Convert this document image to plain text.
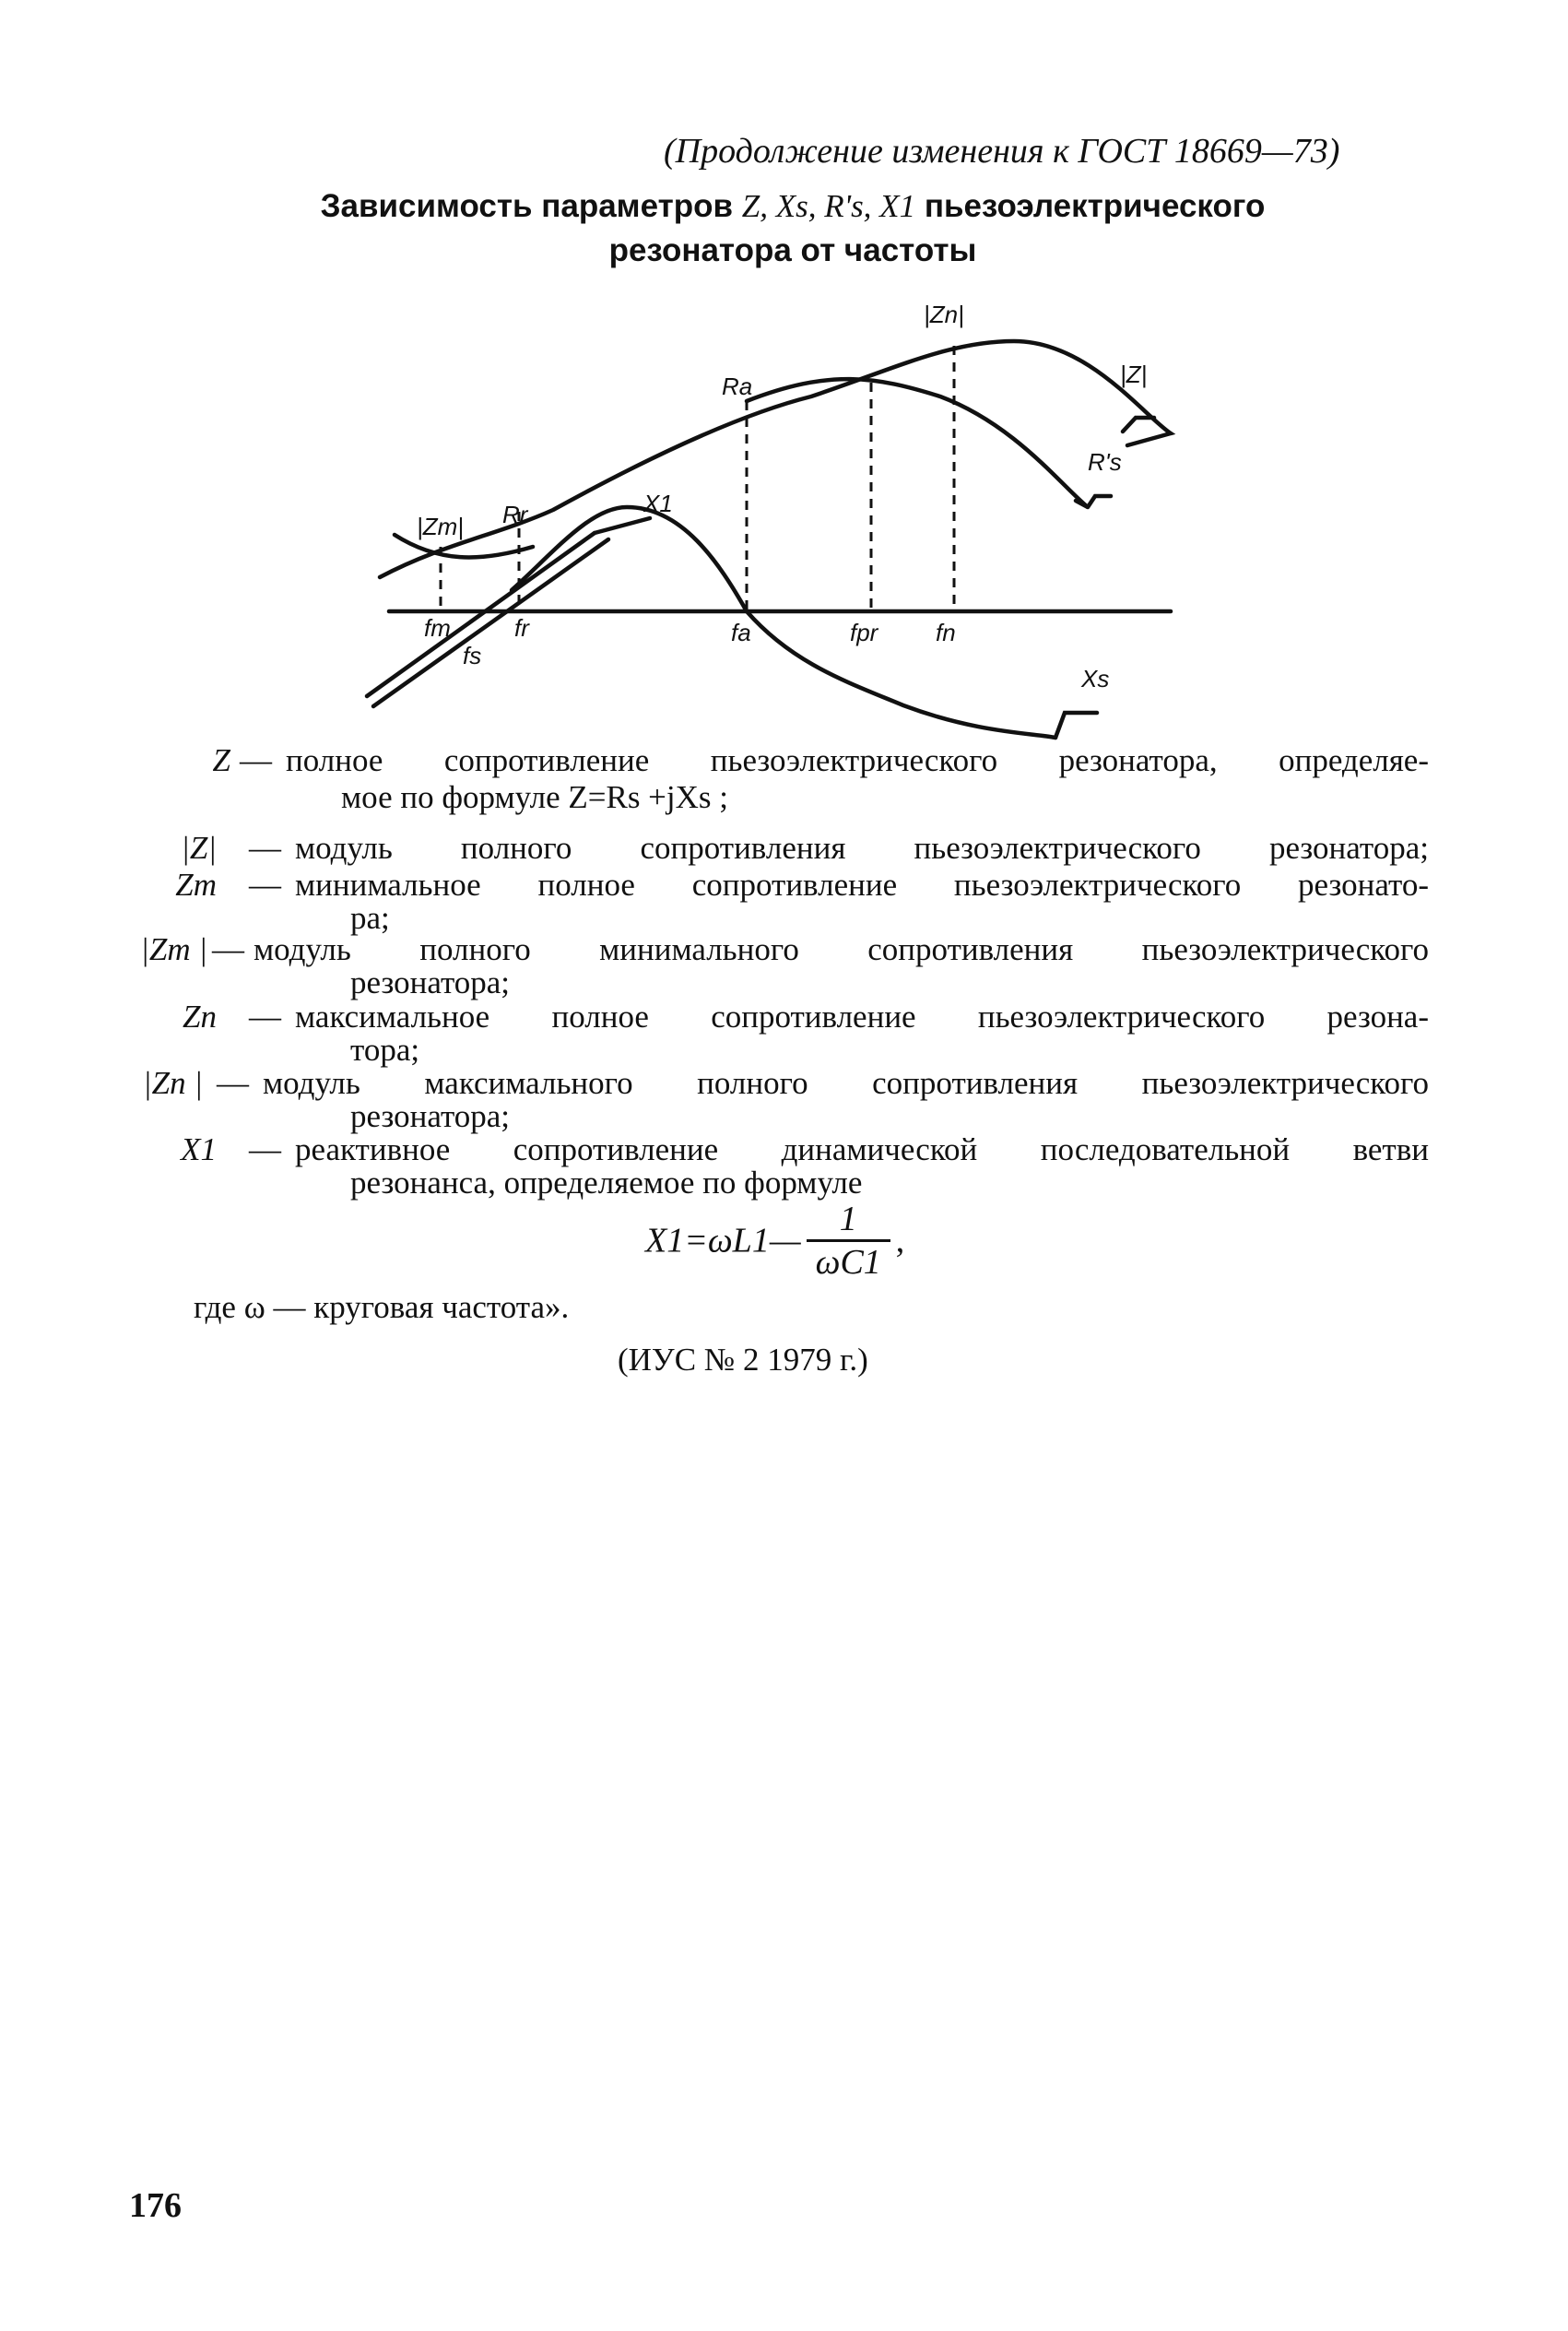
(Продолжение изменения к ГОСТ 18669—73)
Зависимость параметров Z, Xs, R's, X1 пьезоэлектрического
резонатора от частоты
|Zn|
|Z|
Ra
R's
X1
|Zm| Rr
Xs
fm	fr
fs
fa	fpr fn
Z — полное сопротивление пьезоэлектрического резонатора, определяе-
мое по формуле Z=Rs +jXs ;
|Z| — модуль полного сопротивления пьезоэлектрического резонатора;
Zm — минимальное полное сопротивление пьезоэлектрического резонато-
ра;
|Zm | — модуль полного минимального сопротивления пьезоэлектрического
резонатора;
Zn — максимальное полное сопротивление пьезоэлектрического резона-
тора;
|Zn | — модуль максимального полного сопротивления пьезоэлектрического
резонатора;
X1 — реактивное сопротивление динамической последовательной ветви
резонанса, определяемое по формуле
X1=ωL1— $\frac{1}{\omega C1}$ ,
где ω — круговая частота».
(ИУС № 2 1979 г.)
176
